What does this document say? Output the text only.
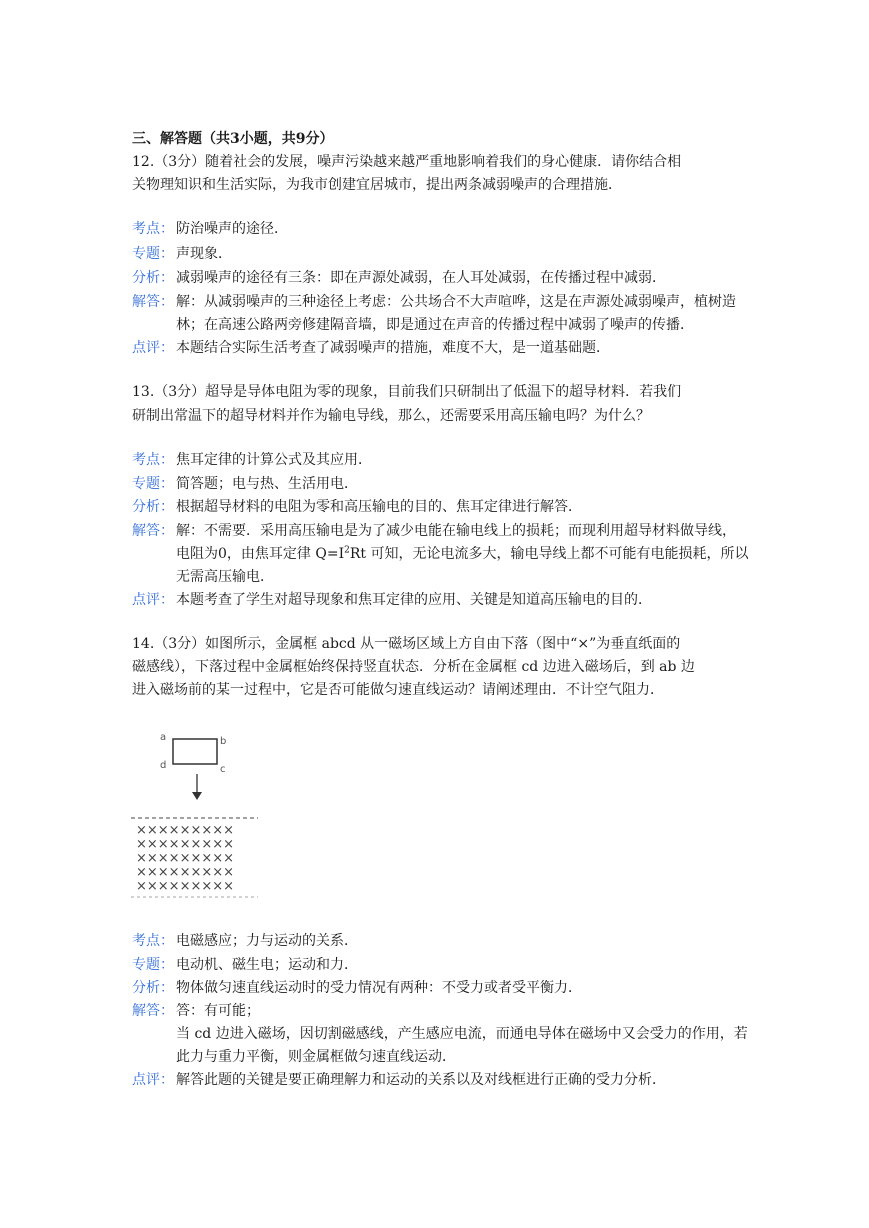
三、解答题（共3小题，共9分）
12.（3分）随着社会的发展，噪声污染越来越严重地影响着我们的身心健康．请你结合相
关物理知识和生活实际，为我市创建宜居城市，提出两条减弱噪声的合理措施．
考点： 防治噪声的途径．
专题： 声现象．
分析： 减弱噪声的途径有三条：即在声源处减弱，在人耳处减弱，在传播过程中减弱．
解答： 解：从减弱噪声的三种途径上考虑：公共场合不大声喧哗，这是在声源处减弱噪声，植树造
林；在高速公路两旁修建隔音墙，即是通过在声音的传播过程中减弱了噪声的传播．
点评： 本题结合实际生活考查了减弱噪声的措施，难度不大，是一道基础题．
13.（3分）超导是导体电阻为零的现象，目前我们只研制出了低温下的超导材料．若我们
研制出常温下的超导材料并作为输电导线，那么，还需要采用高压输电吗？为什么？
考点： 焦耳定律的计算公式及其应用．
专题： 简答题；电与热、生活用电．
分析： 根据超导材料的电阻为零和高压输电的目的、焦耳定律进行解答．
解答： 解：不需要．采用高压输电是为了减少电能在输电线上的损耗；而现利用超导材料做导线，
电阻为0，由焦耳定律 $Q=I^2Rt$ 可知，无论电流多大，输电导线上都不可能有电能损耗，所以
无需高压输电．
点评： 本题考查了学生对超导现象和焦耳定律的应用、关键是知道高压输电的目的．
14.（3分）如图所示，金属框 abcd 从一磁场区域上方自由下落（图中“×”为垂直纸面的
磁感线），下落过程中金属框始终保持竖直状态．分析在金属框 cd 边进入磁场后，到 ab 边
进入磁场前的某一过程中，它是否可能做匀速直线运动？请阐述理由．不计空气阻力．
a	b
d	c
×××××××××
×××××××××
×××××××××
×××××××××
×××××××××
考点： 电磁感应；力与运动的关系．
专题： 电动机、磁生电；运动和力．
分析： 物体做匀速直线运动时的受力情况有两种：不受力或者受平衡力．
解答： 答：有可能；
当 cd 边进入磁场，因切割磁感线，产生感应电流，而通电导体在磁场中又会受力的作用，若
此力与重力平衡，则金属框做匀速直线运动．
点评： 解答此题的关键是要正确理解力和运动的关系以及对线框进行正确的受力分析．
